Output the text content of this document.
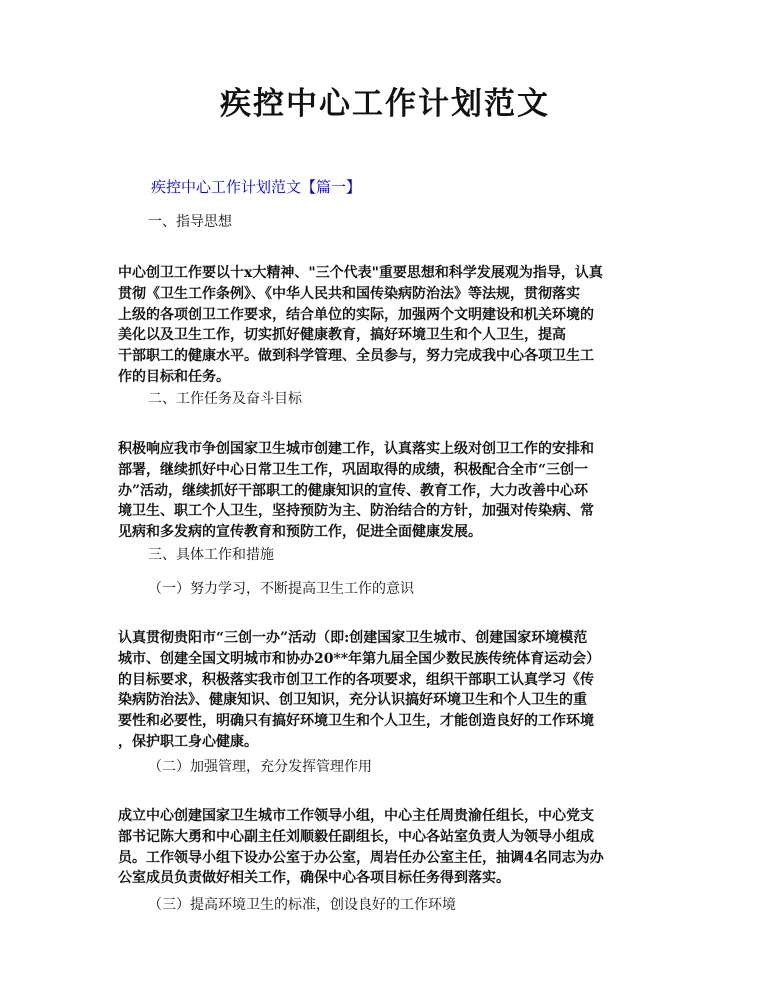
疾控中心工作计划范文
疾控中心工作计划范文【篇一】
一、指导思想
中心创卫工作要以十x大精神、"三个代表"重要思想和科学发展观为指导，认真
贯彻《卫生工作条例》、《中华人民共和国传染病防治法》等法规，贯彻落实
上级的各项创卫工作要求，结合单位的实际，加强两个文明建设和机关环境的
美化以及卫生工作，切实抓好健康教育，搞好环境卫生和个人卫生，提高
干部职工的健康水平。做到科学管理、全员参与，努力完成我中心各项卫生工
作的目标和任务。
二、工作任务及奋斗目标
积极响应我市争创国家卫生城市创建工作，认真落实上级对创卫工作的安排和
部署，继续抓好中心日常卫生工作，巩固取得的成绩，积极配合全市“三创一
办”活动，继续抓好干部职工的健康知识的宣传、教育工作，大力改善中心环
境卫生、职工个人卫生，坚持预防为主、防治结合的方针，加强对传染病、常
见病和多发病的宣传教育和预防工作，促进全面健康发展。
三、具体工作和措施
（一）努力学习，不断提高卫生工作的意识
认真贯彻贵阳市“三创一办”活动（即:创建国家卫生城市、创建国家环境模范
城市、创建全国文明城市和协办20**年第九届全国少数民族传统体育运动会）
的目标要求，积极落实我市创卫工作的各项要求，组织干部职工认真学习《传
染病防治法》、健康知识、创卫知识，充分认识搞好环境卫生和个人卫生的重
要性和必要性，明确只有搞好环境卫生和个人卫生，才能创造良好的工作环境
，保护职工身心健康。
（二）加强管理，充分发挥管理作用
成立中心创建国家卫生城市工作领导小组，中心主任周贵渝任组长，中心党支
部书记陈大勇和中心副主任刘顺毅任副组长，中心各站室负责人为领导小组成
员。工作领导小组下设办公室于办公室，周岩任办公室主任，抽调4名同志为办
公室成员负责做好相关工作，确保中心各项目标任务得到落实。
（三）提高环境卫生的标准，创设良好的工作环境
